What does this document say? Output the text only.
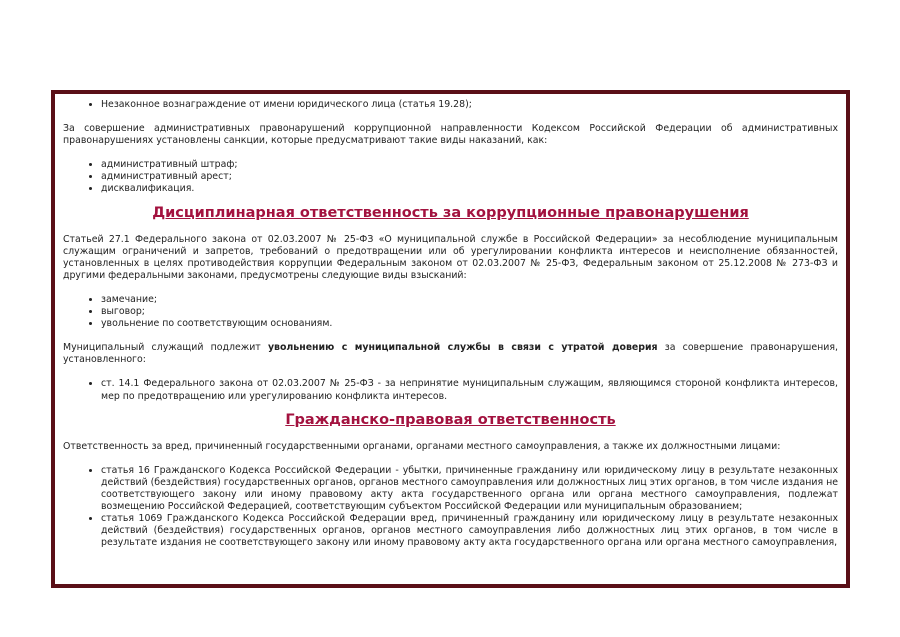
• Незаконное вознаграждение от имени юридического лица (статья 19.28);

За совершение административных правонарушений коррупционной направленности Кодексом Российской Федерации об административных правонарушениях установлены санкции, которые предусматривают такие виды наказаний, как:

• административный штраф;
• административный арест;
• дисквалификация.
Дисциплинарная ответственность за коррупционные правонарушения

Статьей 27.1 Федерального закона от 02.03.2007 № 25-ФЗ «О муниципальной службе в Российской Федерации» за несоблюдение муниципальным служащим ограничений и запретов, требований о предотвращении или об урегулировании конфликта интересов и неисполнение обязанностей, установленных в целях противодействия коррупции Федеральным законом от 02.03.2007 № 25-ФЗ, Федеральным законом от 25.12.2008 № 273-ФЗ и другими федеральными законами, предусмотрены следующие виды взысканий:

• замечание;
• выговор;
• увольнение по соответствующим основаниям.

Муниципальный служащий подлежит увольнению с муниципальной службы в связи с утратой доверия за совершение правонарушения, установленного:

• ст. 14.1 Федерального закона от 02.03.2007 № 25-ФЗ - за непринятие муниципальным служащим, являющимся стороной конфликта интересов, мер по предотвращению или урегулированию конфликта интересов.
Гражданско-правовая ответственность

Ответственность за вред, причиненный государственными органами, органами местного самоуправления, а также их должностными лицами:

• статья 16 Гражданского Кодекса Российской Федерации - убытки, причиненные гражданину или юридическому лицу в результате незаконных действий (бездействия) государственных органов, органов местного самоуправления или должностных лиц этих органов, в том числе издания не соответствующего закону или иному правовому акту акта государственного органа или органа местного самоуправления, подлежат возмещению Российской Федерацией, соответствующим субъектом Российской Федерации или муниципальным образованием;
• статья 1069 Гражданского Кодекса Российской Федерации вред, причиненный гражданину или юридическому лицу в результате незаконных действий (бездействия) государственных органов, органов местного самоуправления либо должностных лиц этих органов, в том числе в результате издания не соответствующего закону или иному правовому акту акта государственного органа или органа местного самоуправления,
